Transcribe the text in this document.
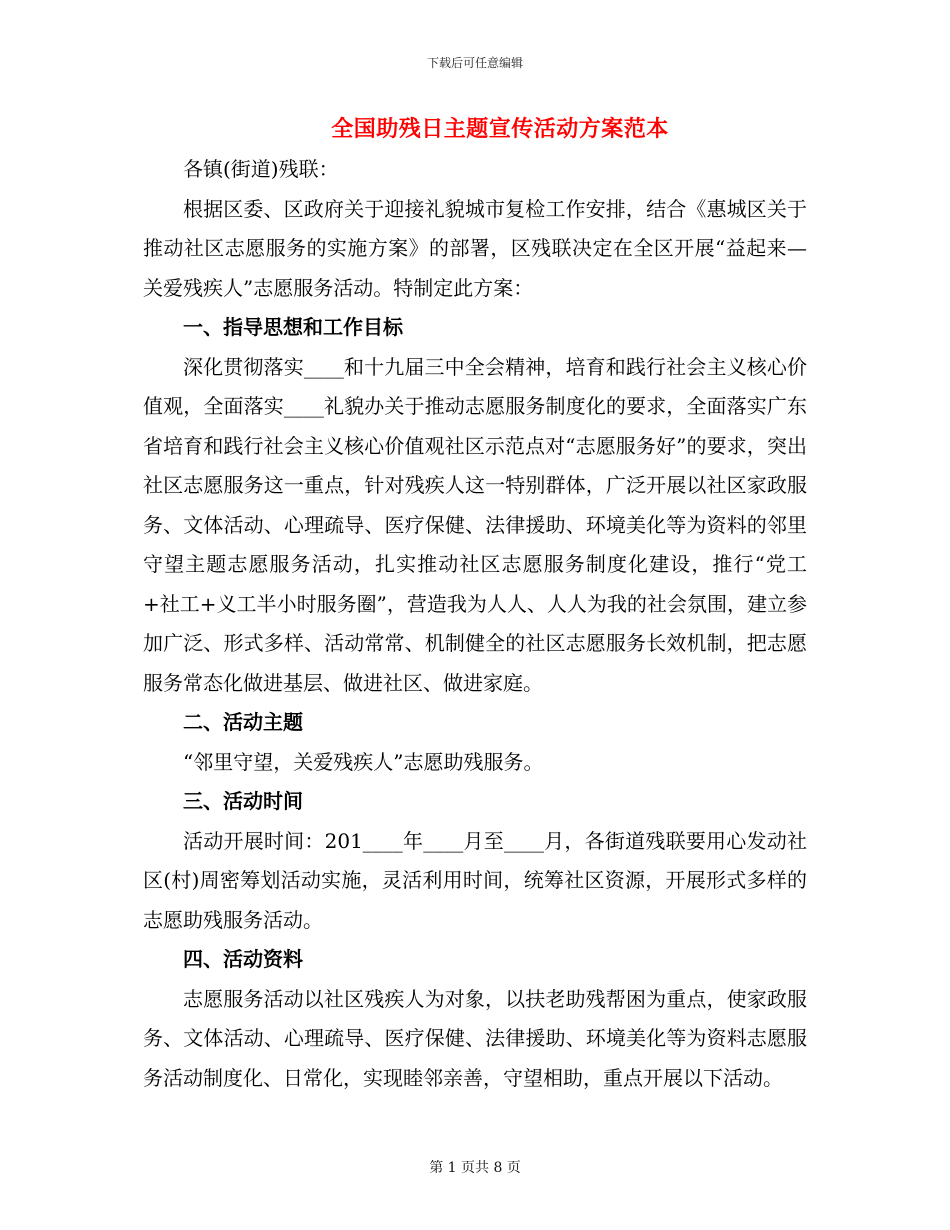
下载后可任意编辑
全国助残日主题宣传活动方案范本

各镇(街道)残联：

根据区委、区政府关于迎接礼貌城市复检工作安排，结合《惠城区关于推动社区志愿服务的实施方案》的部署，区残联决定在全区开展“益起来—关爱残疾人”志愿服务活动。特制定此方案：

一、指导思想和工作目标

深化贯彻落实____和十九届三中全会精神，培育和践行社会主义核心价值观，全面落实____礼貌办关于推动志愿服务制度化的要求，全面落实广东省培育和践行社会主义核心价值观社区示范点对“志愿服务好”的要求，突出社区志愿服务这一重点，针对残疾人这一特别群体，广泛开展以社区家政服务、文体活动、心理疏导、医疗保健、法律援助、环境美化等为资料的邻里守望主题志愿服务活动，扎实推动社区志愿服务制度化建设，推行“党工+社工+义工半小时服务圈”，营造我为人人、人人为我的社会氛围，建立参加广泛、形式多样、活动常常、机制健全的社区志愿服务长效机制，把志愿服务常态化做进基层、做进社区、做进家庭。

二、活动主题

“邻里守望，关爱残疾人”志愿助残服务。

三、活动时间

活动开展时间：201____年____月至____月，各街道残联要用心发动社区(村)周密筹划活动实施，灵活利用时间，统筹社区资源，开展形式多样的志愿助残服务活动。

四、活动资料

志愿服务活动以社区残疾人为对象，以扶老助残帮困为重点，使家政服务、文体活动、心理疏导、医疗保健、法律援助、环境美化等为资料志愿服务活动制度化、日常化，实现睦邻亲善，守望相助，重点开展以下活动。

第 1 页共 8 页
